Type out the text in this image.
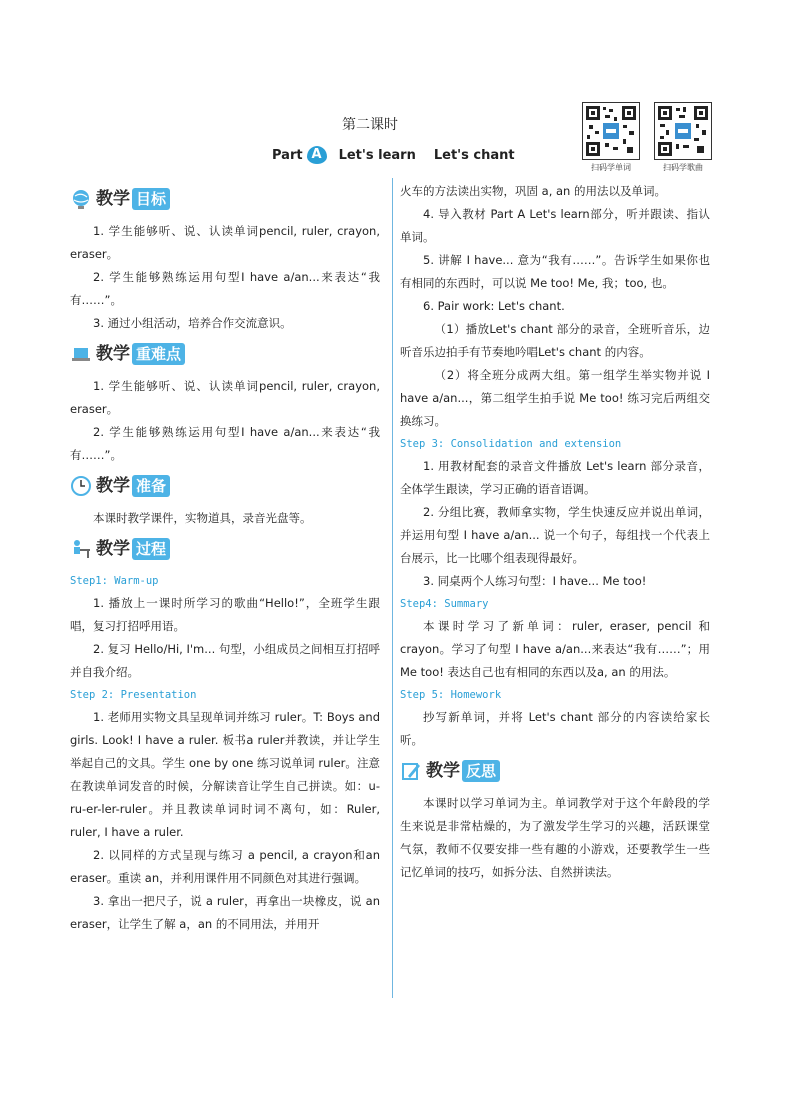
第二课时
Part A	Let's learn Let's chant
扫码学单词	扫码学歌曲
教学 目标

1. 学生能够听、说、认读单词pencil, ruler, crayon, eraser。

2. 学生能够熟练运用句型I have a/an...来表达“我有……”。

3. 通过小组活动，培养合作交流意识。

教学 重难点

1. 学生能够听、说、认读单词pencil, ruler, crayon, eraser。

2. 学生能够熟练运用句型I have a/an...来表达“我有……”。

教学 准备

本课时教学课件，实物道具，录音光盘等。

教学 过程

Step1: Warm-up

1. 播放上一课时所学习的歌曲“Hello!”，全班学生跟唱，复习打招呼用语。

2. 复习 Hello/Hi, I'm... 句型，小组成员之间相互打招呼并自我介绍。

Step 2: Presentation

1. 老师用实物文具呈现单词并练习 ruler。T: Boys and girls. Look! I have a ruler. 板书a ruler并教读，并让学生举起自己的文具。学生 one by one 练习说单词 ruler。注意在教读单词发音的时候，分解读音让学生自己拼读。如：u-ru-er-ler-ruler。并且教读单词时词不离句，如：Ruler, ruler, I have a ruler.

2. 以同样的方式呈现与练习 a pencil, a crayon和an eraser。重读 an，并利用课件用不同颜色对其进行强调。

3. 拿出一把尺子，说 a ruler，再拿出一块橡皮，说 an eraser，让学生了解 a，an 的不同用法，并用开

火车的方法读出实物，巩固 a, an 的用法以及单词。

4. 导入教材 Part A Let's learn部分，听并跟读、指认单词。

5. 讲解 I have... 意为“我有……”。告诉学生如果你也有相同的东西时，可以说 Me too! Me, 我；too, 也。

6. Pair work: Let's chant.

（1）播放Let's chant 部分的录音，全班听音乐，边听音乐边拍手有节奏地吟唱Let's chant 的内容。

（2）将全班分成两大组。第一组学生举实物并说 I have a/an...，第二组学生拍手说 Me too! 练习完后两组交换练习。

Step 3: Consolidation and extension

1. 用教材配套的录音文件播放 Let's learn 部分录音，全体学生跟读，学习正确的语音语调。

2. 分组比赛，教师拿实物，学生快速反应并说出单词，并运用句型 I have a/an... 说一个句子，每组找一个代表上台展示，比一比哪个组表现得最好。

3. 同桌两个人练习句型：I have... Me too!

Step4: Summary

本课时学习了新单词：ruler, eraser, pencil 和 crayon。学习了句型 I have a/an...来表达“我有……”；用 Me too! 表达自己也有相同的东西以及a, an 的用法。

Step 5: Homework

抄写新单词，并将 Let's chant 部分的内容读给家长听。

教学 反思

本课时以学习单词为主。单词教学对于这个年龄段的学生来说是非常枯燥的，为了激发学生学习的兴趣，活跃课堂气氛，教师不仅要安排一些有趣的小游戏，还要教学生一些记忆单词的技巧，如拆分法、自然拼读法。
